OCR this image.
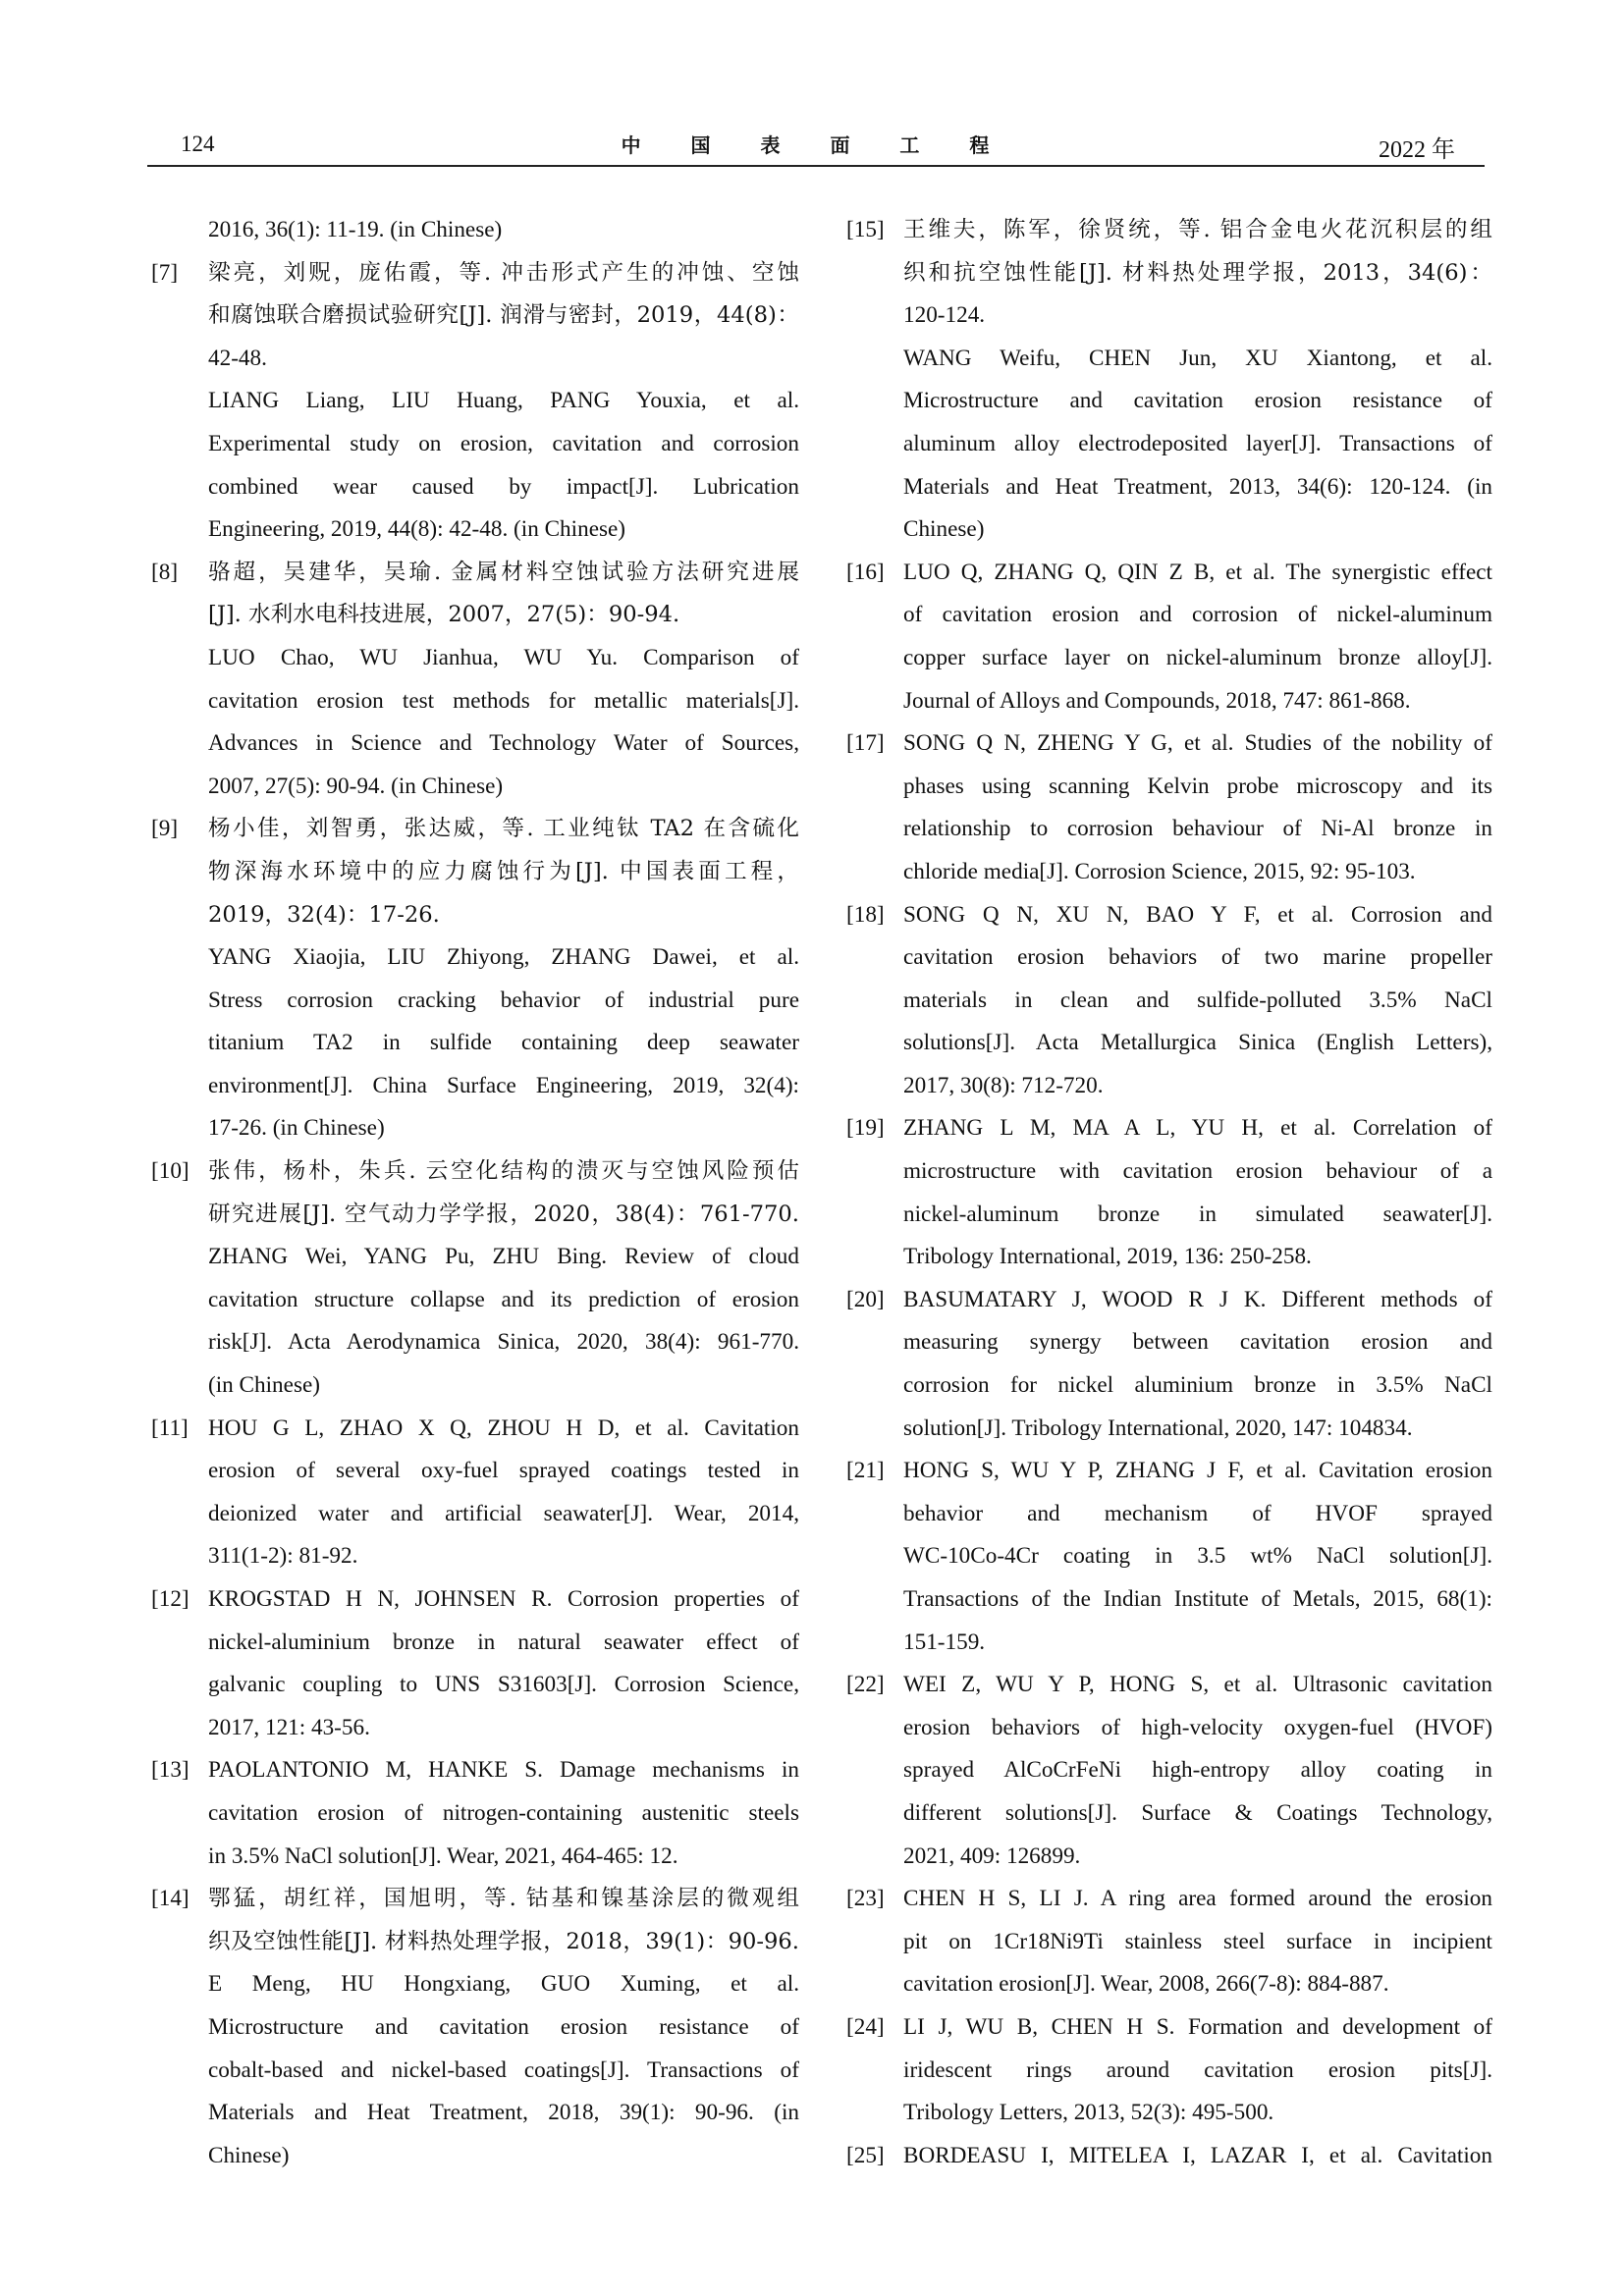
124	中 国 表 面 工 程	2022 年
2016, 36(1): 11-19. (in Chinese)
[7] 梁亮，刘贶，庞佑霞，等. 冲击形式产生的冲蚀、空蚀
和腐蚀联合磨损试验研究[J]. 润滑与密封，2019，44(8)：
42-48.
LIANG Liang, LIU Huang, PANG Youxia, et al.
Experimental study on erosion, cavitation and corrosion
combined wear caused by impact[J]. Lubrication
Engineering, 2019, 44(8): 42-48. (in Chinese)
[8] 骆超，吴建华，吴瑜. 金属材料空蚀试验方法研究进展
[J]. 水利水电科技进展，2007，27(5)：90-94.
LUO Chao, WU Jianhua, WU Yu. Comparison of
cavitation erosion test methods for metallic materials[J].
Advances in Science and Technology Water of Sources,
2007, 27(5): 90-94. (in Chinese)
[9] 杨小佳，刘智勇，张达威，等. 工业纯钛 TA2 在含硫化
物深海水环境中的应力腐蚀行为[J]. 中国表面工程，
2019，32(4)：17-26.
YANG Xiaojia, LIU Zhiyong, ZHANG Dawei, et al.
Stress corrosion cracking behavior of industrial pure
titanium TA2 in sulfide containing deep seawater
environment[J]. China Surface Engineering, 2019, 32(4):
17-26. (in Chinese)
[10] 张伟，杨朴，朱兵. 云空化结构的溃灭与空蚀风险预估
研究进展[J]. 空气动力学学报，2020，38(4)：761-770.
ZHANG Wei, YANG Pu, ZHU Bing. Review of cloud
cavitation structure collapse and its prediction of erosion
risk[J]. Acta Aerodynamica Sinica, 2020, 38(4): 961-770.
(in Chinese)
[11] HOU G L, ZHAO X Q, ZHOU H D, et al. Cavitation
erosion of several oxy-fuel sprayed coatings tested in
deionized water and artificial seawater[J]. Wear, 2014,
311(1-2): 81-92.
[12] KROGSTAD H N, JOHNSEN R. Corrosion properties of
nickel-aluminium bronze in natural seawater effect of
galvanic coupling to UNS S31603[J]. Corrosion Science,
2017, 121: 43-56.
[13] PAOLANTONIO M, HANKE S. Damage mechanisms in
cavitation erosion of nitrogen-containing austenitic steels
in 3.5% NaCl solution[J]. Wear, 2021, 464-465: 12.
[14] 鄂猛，胡红祥，国旭明，等. 钴基和镍基涂层的微观组
织及空蚀性能[J]. 材料热处理学报，2018，39(1)：90-96.
E Meng, HU Hongxiang, GUO Xuming, et al.
Microstructure and cavitation erosion resistance of
cobalt-based and nickel-based coatings[J]. Transactions of
Materials and Heat Treatment, 2018, 39(1): 90-96. (in
Chinese)
[15] 王维夫，陈军，徐贤统，等. 铝合金电火花沉积层的组
织和抗空蚀性能[J]. 材料热处理学报，2013，34(6)：
120-124.
WANG Weifu, CHEN Jun, XU Xiantong, et al.
Microstructure and cavitation erosion resistance of
aluminum alloy electrodeposited layer[J]. Transactions of
Materials and Heat Treatment, 2013, 34(6): 120-124. (in
Chinese)
[16] LUO Q, ZHANG Q, QIN Z B, et al. The synergistic effect
of cavitation erosion and corrosion of nickel-aluminum
copper surface layer on nickel-aluminum bronze alloy[J].
Journal of Alloys and Compounds, 2018, 747: 861-868.
[17] SONG Q N, ZHENG Y G, et al. Studies of the nobility of
phases using scanning Kelvin probe microscopy and its
relationship to corrosion behaviour of Ni-Al bronze in
chloride media[J]. Corrosion Science, 2015, 92: 95-103.
[18] SONG Q N, XU N, BAO Y F, et al. Corrosion and
cavitation erosion behaviors of two marine propeller
materials in clean and sulfide-polluted 3.5% NaCl
solutions[J]. Acta Metallurgica Sinica (English Letters),
2017, 30(8): 712-720.
[19] ZHANG L M, MA A L, YU H, et al. Correlation of
microstructure with cavitation erosion behaviour of a
nickel-aluminum bronze in simulated seawater[J].
Tribology International, 2019, 136: 250-258.
[20] BASUMATARY J, WOOD R J K. Different methods of
measuring synergy between cavitation erosion and
corrosion for nickel aluminium bronze in 3.5% NaCl
solution[J]. Tribology International, 2020, 147: 104834.
[21] HONG S, WU Y P, ZHANG J F, et al. Cavitation erosion
behavior and mechanism of HVOF sprayed
WC-10Co-4Cr coating in 3.5 wt% NaCl solution[J].
Transactions of the Indian Institute of Metals, 2015, 68(1):
151-159.
[22] WEI Z, WU Y P, HONG S, et al. Ultrasonic cavitation
erosion behaviors of high-velocity oxygen-fuel (HVOF)
sprayed AlCoCrFeNi high-entropy alloy coating in
different solutions[J]. Surface & Coatings Technology,
2021, 409: 126899.
[23] CHEN H S, LI J. A ring area formed around the erosion
pit on 1Cr18Ni9Ti stainless steel surface in incipient
cavitation erosion[J]. Wear, 2008, 266(7-8): 884-887.
[24] LI J, WU B, CHEN H S. Formation and development of
iridescent rings around cavitation erosion pits[J].
Tribology Letters, 2013, 52(3): 495-500.
[25] BORDEASU I, MITELEA I, LAZAR I, et al. Cavitation
